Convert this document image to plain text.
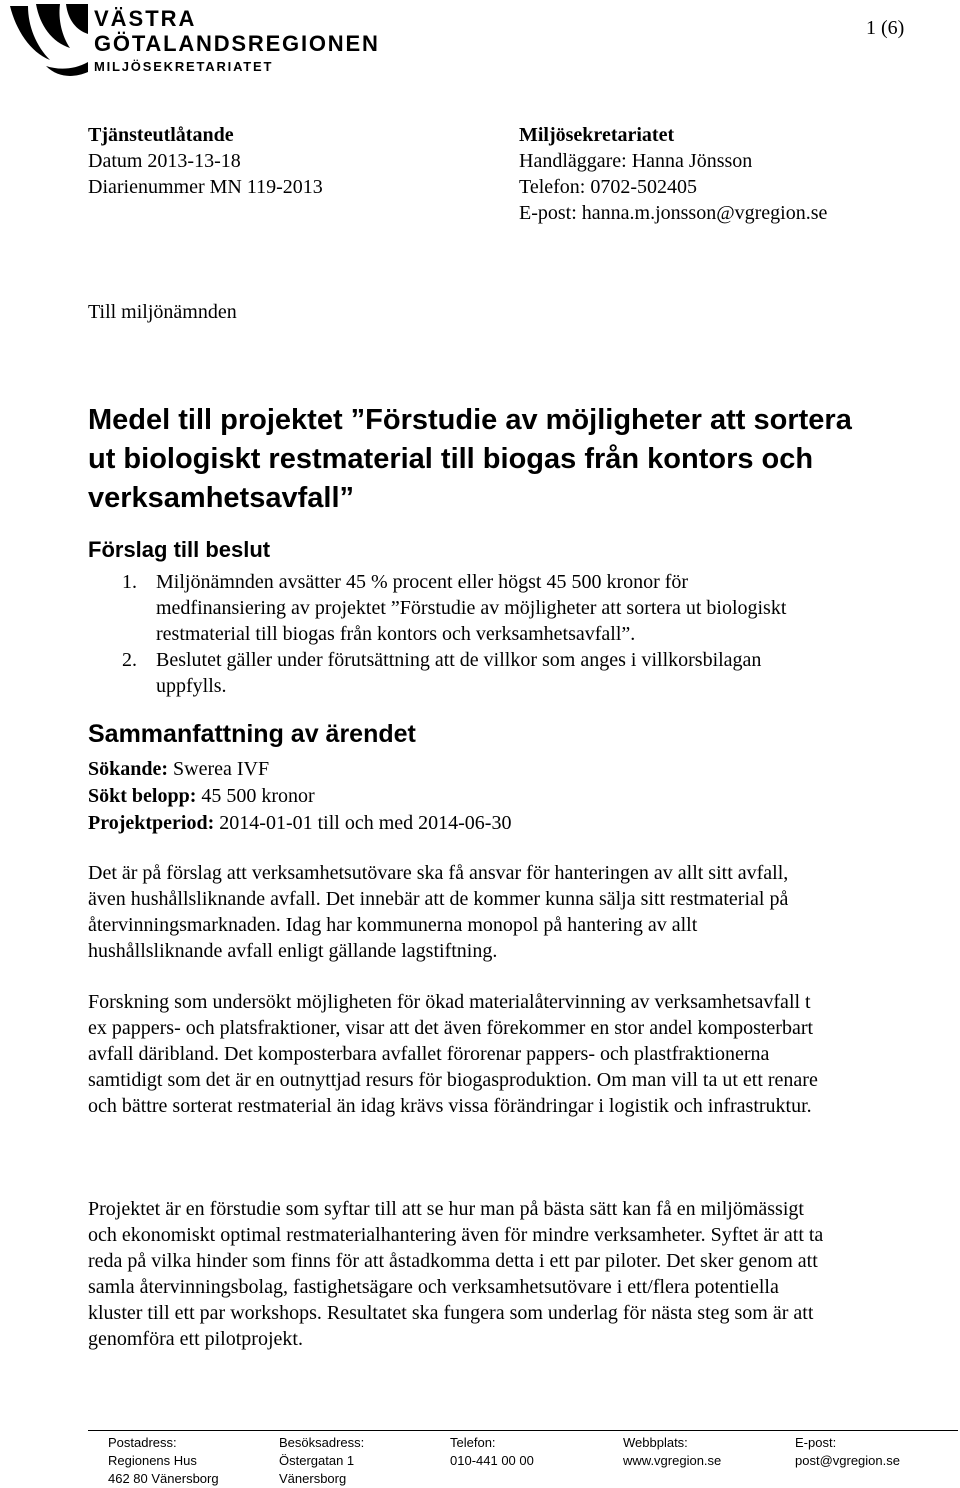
VÄSTRA
GÖTALANDSREGIONEN
MILJÖSEKRETARIATET
1 (6)
Tjänsteutlåtande
Datum 2013-13-18
Diarienummer MN 119-2013
Miljösekretariatet
Handläggare: Hanna Jönsson
Telefon: 0702-502405
E-post: hanna.m.jonsson@vgregion.se
Till miljönämnden
Medel till projektet ”Förstudie av möjligheter att sortera ut biologiskt restmaterial till biogas från kontors och verksamhetsavfall”
Förslag till beslut
1. Miljönämnden avsätter 45 % procent eller högst 45 500 kronor för medfinansiering av projektet ”Förstudie av möjligheter att sortera ut biologiskt restmaterial till biogas från kontors och verksamhetsavfall”.
2. Beslutet gäller under förutsättning att de villkor som anges i villkorsbilagan uppfylls.
Sammanfattning av ärendet
Sökande: Swerea IVF
Sökt belopp: 45 500 kronor
Projektperiod: 2014-01-01 till och med 2014-06-30
Det är på förslag att verksamhetsutövare ska få ansvar för hanteringen av allt sitt avfall, även hushållsliknande avfall. Det innebär att de kommer kunna sälja sitt restmaterial på återvinningsmarknaden. Idag har kommunerna monopol på hantering av allt hushållsliknande avfall enligt gällande lagstiftning.
Forskning som undersökt möjligheten för ökad materialåtervinning av verksamhetsavfall t ex pappers- och platsfraktioner, visar att det även förekommer en stor andel komposterbart avfall däribland. Det komposterbara avfallet förorenar pappers- och plastfraktionerna samtidigt som det är en outnyttjad resurs för biogasproduktion. Om man vill ta ut ett renare och bättre sorterat restmaterial än idag krävs vissa förändringar i logistik och infrastruktur.
Projektet är en förstudie som syftar till att se hur man på bästa sätt kan få en miljömässigt och ekonomiskt optimal restmaterialhantering även för mindre verksamheter. Syftet är att ta reda på vilka hinder som finns för att åstadkomma detta i ett par piloter. Det sker genom att samla återvinningsbolag, fastighetsägare och verksamhetsutövare i ett/flera potentiella kluster till ett par workshops. Resultatet ska fungera som underlag för nästa steg som är att genomföra ett pilotprojekt.
Postadress:
Regionens Hus
462 80 Vänersborg
Besöksadress:
Östergatan 1
Vänersborg
Telefon:
010-441 00 00
Webbplats:
www.vgregion.se
E-post:
post@vgregion.se
